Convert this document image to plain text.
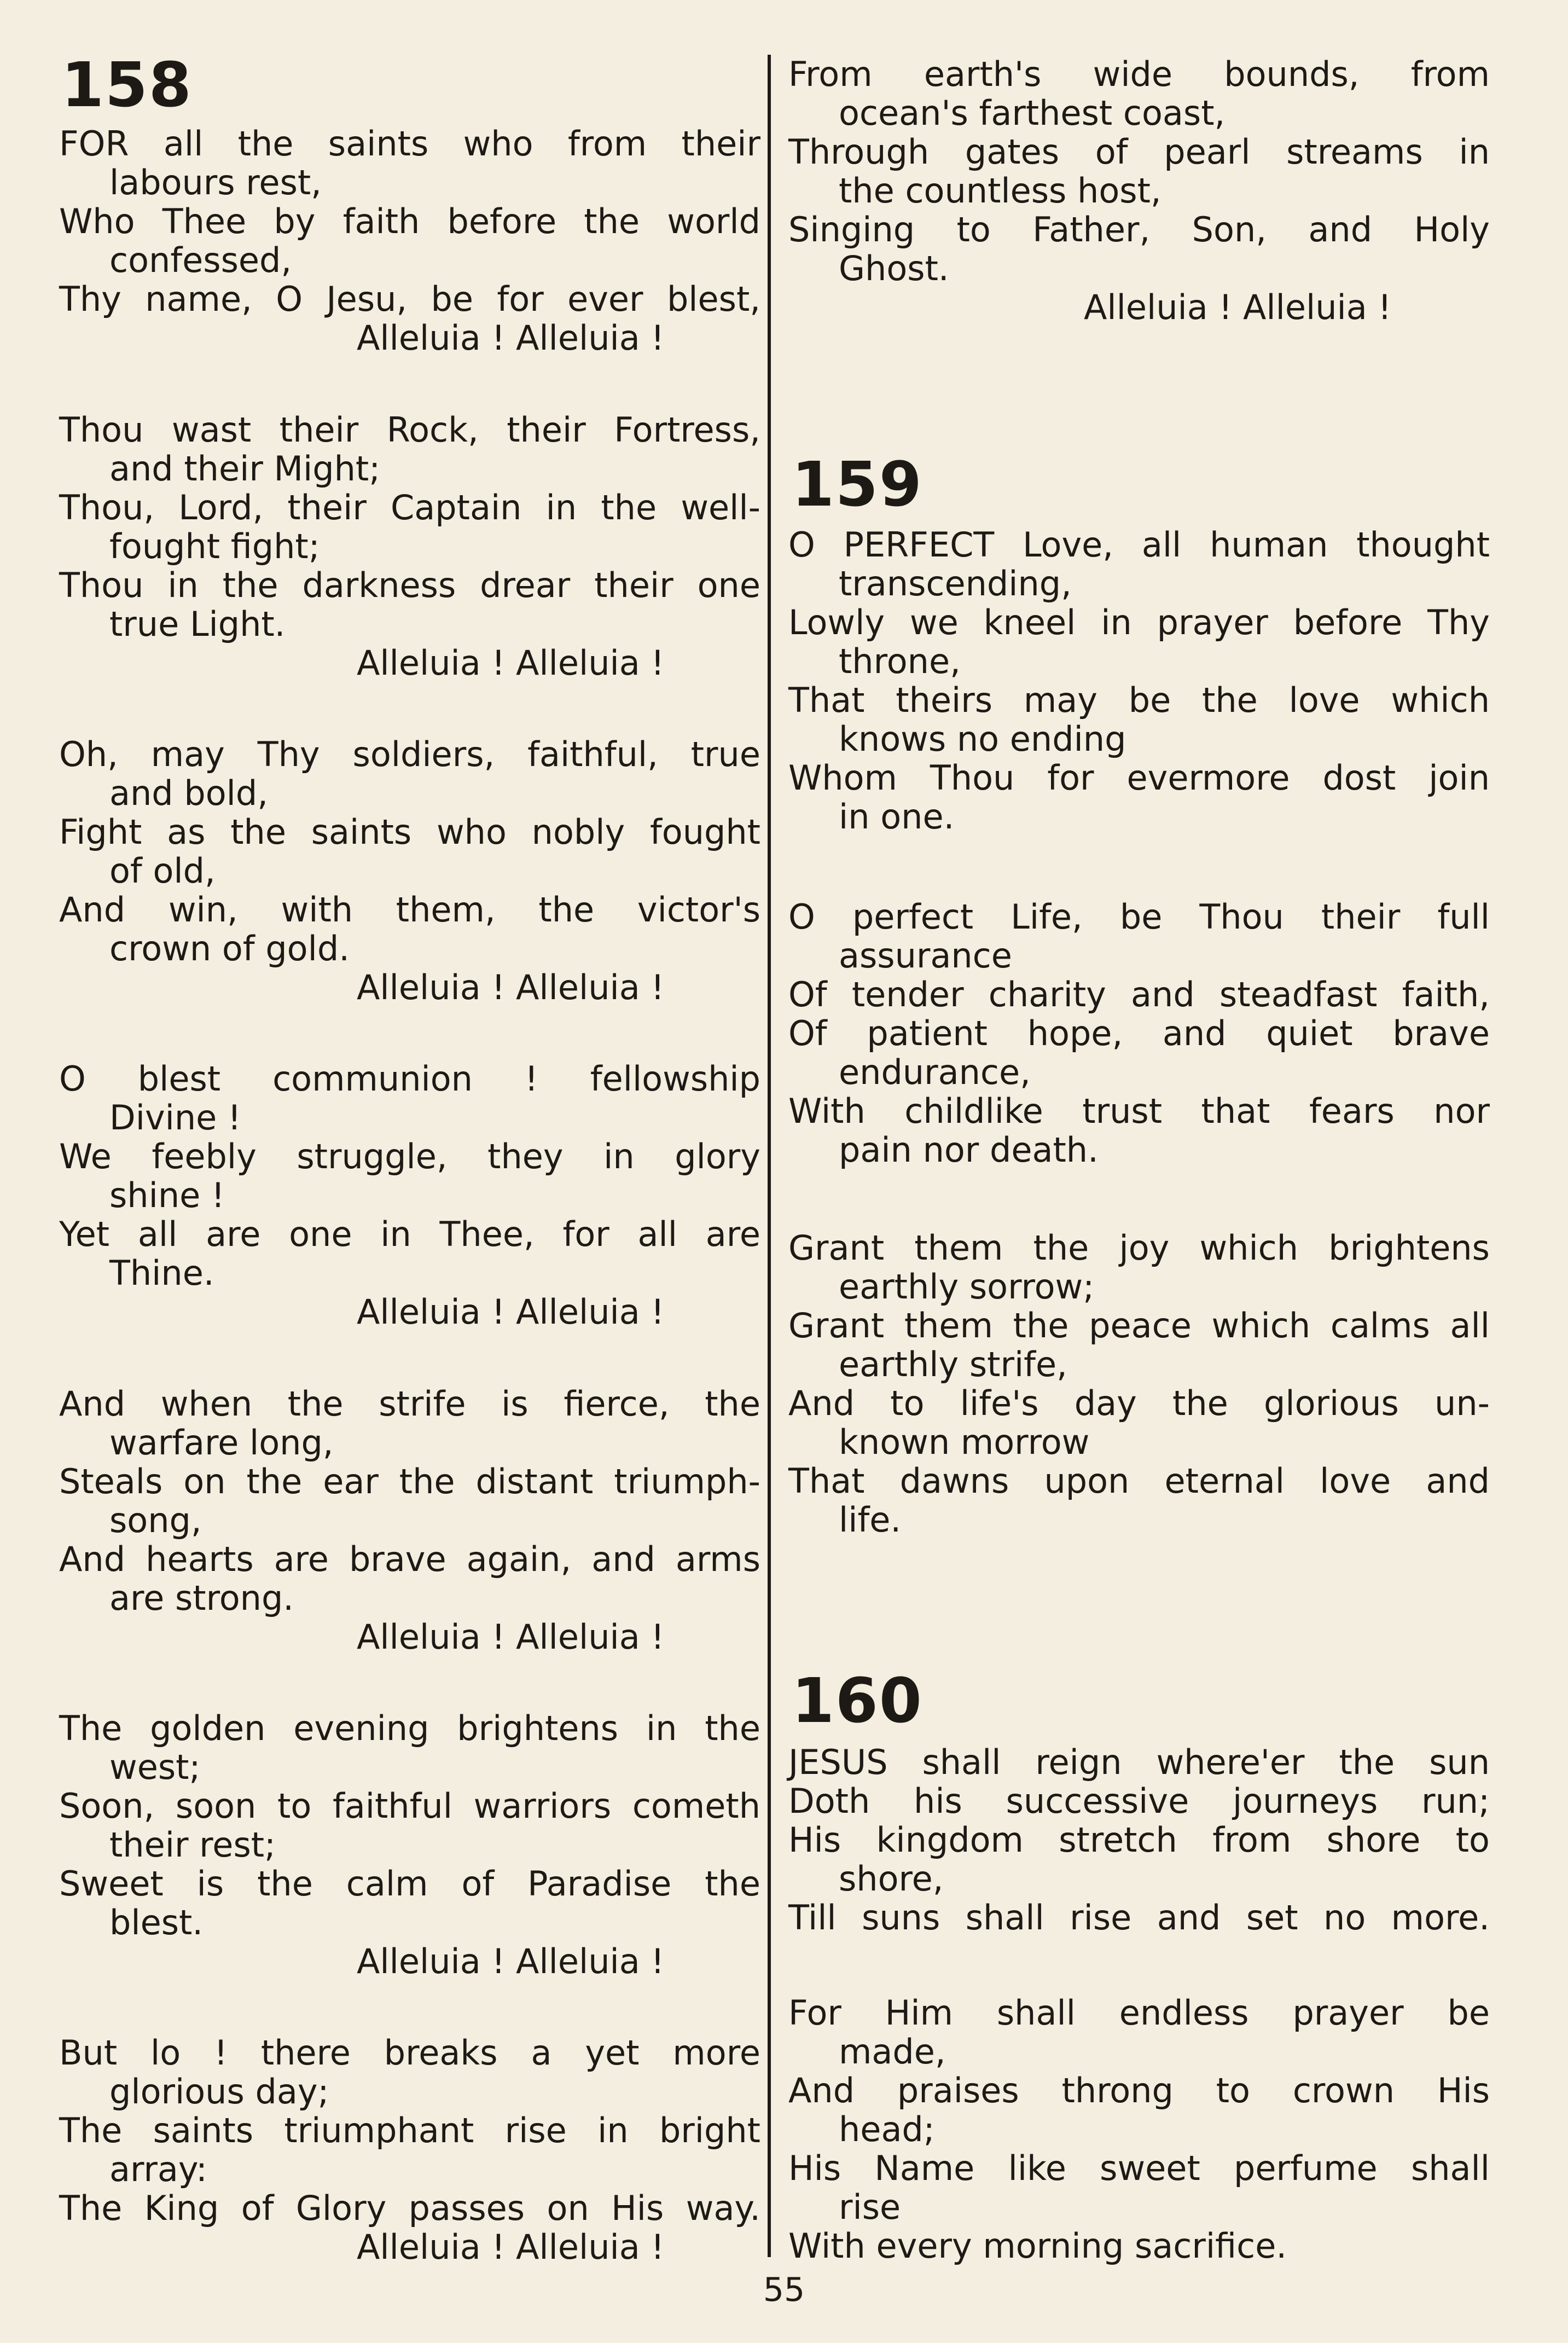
158
FOR all the saints who from their
labours rest,
Who Thee by faith before the world
confessed,
Thy name, O Jesu, be for ever blest,
Alleluia ! Alleluia !
Thou wast their Rock, their Fortress,
and their Might;
Thou, Lord, their Captain in the well-
fought fight;
Thou in the darkness drear their one
true Light.
Alleluia ! Alleluia !
Oh, may Thy soldiers, faithful, true
and bold,
Fight as the saints who nobly fought
of old,
And win, with them, the victor's
crown of gold.
Alleluia ! Alleluia !
O blest communion ! fellowship
Divine !
We feebly struggle, they in glory
shine !
Yet all are one in Thee, for all are
Thine.
Alleluia ! Alleluia !
And when the strife is fierce, the
warfare long,
Steals on the ear the distant triumph-
song,
And hearts are brave again, and arms
are strong.
Alleluia ! Alleluia !
The golden evening brightens in the
west;
Soon, soon to faithful warriors cometh
their rest;
Sweet is the calm of Paradise the
blest.
Alleluia ! Alleluia !
But lo ! there breaks a yet more
glorious day;
The saints triumphant rise in bright
array:
The King of Glory passes on His way.
Alleluia ! Alleluia !
From earth's wide bounds, from
ocean's farthest coast,
Through gates of pearl streams in
the countless host,
Singing to Father, Son, and Holy
Ghost.
Alleluia ! Alleluia !
159
O PERFECT Love, all human thought
transcending,
Lowly we kneel in prayer before Thy
throne,
That theirs may be the love which
knows no ending
Whom Thou for evermore dost join
in one.
O perfect Life, be Thou their full
assurance
Of tender charity and steadfast faith,
Of patient hope, and quiet brave
endurance,
With childlike trust that fears nor
pain nor death.
Grant them the joy which brightens
earthly sorrow;
Grant them the peace which calms all
earthly strife,
And to life's day the glorious un-
known morrow
That dawns upon eternal love and
life.
160
JESUS shall reign where'er the sun
Doth his successive journeys run;
His kingdom stretch from shore to
shore,
Till suns shall rise and set no more.
For Him shall endless prayer be
made,
And praises throng to crown His
head;
His Name like sweet perfume shall
rise
With every morning sacrifice.
55
